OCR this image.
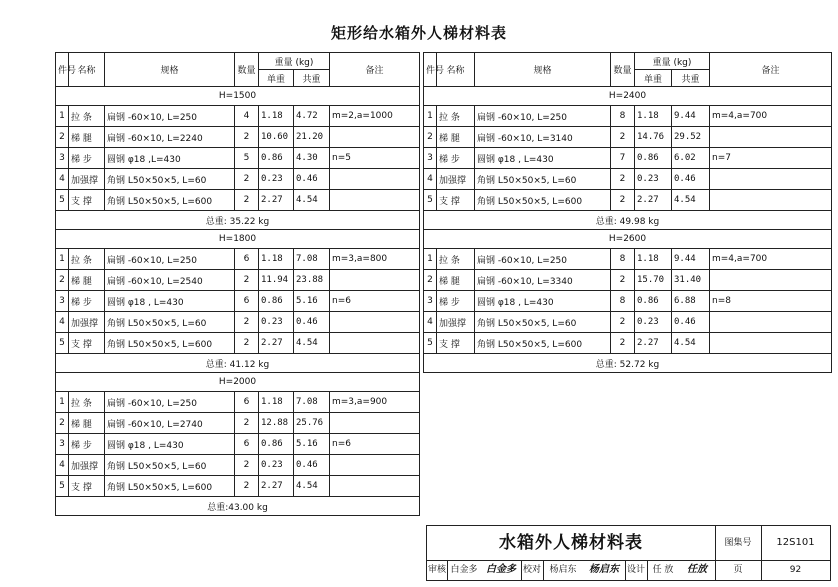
矩形给水箱外人梯材料表
件号	名称	规格	数量	重量 (kg)		备注
				单重	共重	
H=1500						
1	拉 条	扁钢 -60×10, L=250	4	1.18	4.72	m=2,a=1000
2	梯 腿	扁钢 -60×10, L=2240	2	10.60	21.20	
3	梯 步	圆钢 φ18 ,L=430	5	0.86	4.30	n=5
4	加强撑	角钢 L50×50×5, L=60	2	0.23	0.46	
5	支 撑	角钢 L50×50×5, L=600	2	2.27	4.54	
总重: 35.22 kg						
H=1800						
1	拉 条	扁钢 -60×10, L=250	6	1.18	7.08	m=3,a=800
2	梯 腿	扁钢 -60×10, L=2540	2	11.94	23.88	
3	梯 步	圆钢 φ18 , L=430	6	0.86	5.16	n=6
4	加强撑	角钢 L50×50×5, L=60	2	0.23	0.46	
5	支 撑	角钢 L50×50×5, L=600	2	2.27	4.54	
总重: 41.12 kg						
H=2000						
1	拉 条	扁钢 -60×10, L=250	6	1.18	7.08	m=3,a=900
2	梯 腿	扁钢 -60×10, L=2740	2	12.88	25.76	
3	梯 步	圆钢 φ18 , L=430	6	0.86	5.16	n=6
4	加强撑	角钢 L50×50×5, L=60	2	0.23	0.46	
5	支 撑	角钢 L50×50×5, L=600	2	2.27	4.54	
总重:43.00 kg						
件号	名称	规格	数量	重量 (kg)		备注
				单重	共重	
H=2400						
1	拉 条	扁钢 -60×10, L=250	8	1.18	9.44	m=4,a=700
2	梯 腿	扁钢 -60×10, L=3140	2	14.76	29.52	
3	梯 步	圆钢 φ18 , L=430	7	0.86	6.02	n=7
4	加强撑	角钢 L50×50×5, L=60	2	0.23	0.46	
5	支 撑	角钢 L50×50×5, L=600	2	2.27	4.54	
总重: 49.98 kg						
H=2600						
1	拉 条	扁钢 -60×10, L=250	8	1.18	9.44	m=4,a=700
2	梯 腿	扁钢 -60×10, L=3340	2	15.70	31.40	
3	梯 步	圆钢 φ18 , L=430	8	0.86	6.88	n=8
4	加强撑	角钢 L50×50×5, L=60	2	0.23	0.46	
5	支 撑	角钢 L50×50×5, L=600	2	2.27	4.54	
总重: 52.72 kg						
水箱外人梯材料表	图集号	12S101
审核 白金多 白金多 校对 杨启东	杨启东 设计 任 放	任放	页	92
